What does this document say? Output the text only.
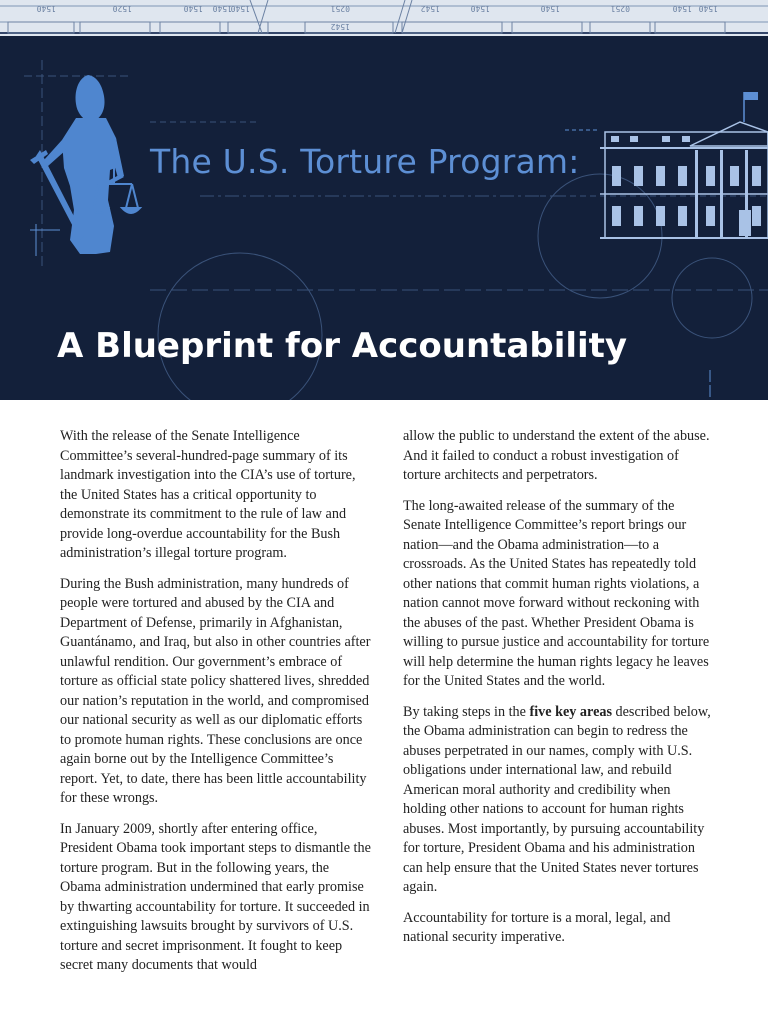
1540	1520	1540 1540
1540	0251
1542
1542	1540	1540	0251	1540 1540
The U.S. Torture Program:
A Blueprint for Accountability

With the release of the Senate Intelligence Committee’s several-hundred-page summary of its landmark investigation into the CIA’s use of torture, the United States has a critical opportunity to demonstrate its commitment to the rule of law and provide long-overdue accountability for the Bush administration’s illegal torture program.

During the Bush administration, many hundreds of people were tortured and abused by the CIA and Department of Defense, primarily in Afghanistan, Guantánamo, and Iraq, but also in other countries after unlawful rendition. Our government’s embrace of torture as official state policy shattered lives, shredded our nation’s reputation in the world, and compromised our national security as well as our diplomatic efforts to promote human rights. These conclusions are once again borne out by the Intelligence Committee’s report. Yet, to date, there has been little accountability for these wrongs.

In January 2009, shortly after entering office, President Obama took important steps to dismantle the torture program. But in the following years, the Obama administration undermined that early promise by thwarting accountability for torture. It succeeded in extinguishing lawsuits brought by survivors of U.S. torture and secret imprisonment. It fought to keep secret many documents that would

allow the public to understand the extent of the abuse. And it failed to conduct a robust investigation of torture architects and perpetrators.

The long-awaited release of the summary of the Senate Intelligence Committee’s report brings our nation—and the Obama administration—to a crossroads. As the United States has repeatedly told other nations that commit human rights violations, a nation cannot move forward without reckoning with the abuses of the past. Whether President Obama is willing to pursue justice and accountability for torture will help determine the human rights legacy he leaves for the United States and the world.

By taking steps in the five key areas described below, the Obama administration can begin to redress the abuses perpetrated in our names, comply with U.S. obligations under international law, and rebuild American moral authority and credibility when holding other nations to account for human rights abuses. Most importantly, by pursuing accountability for torture, President Obama and his administration can help ensure that the United States never tortures again.

Accountability for torture is a moral, legal, and national security imperative.
